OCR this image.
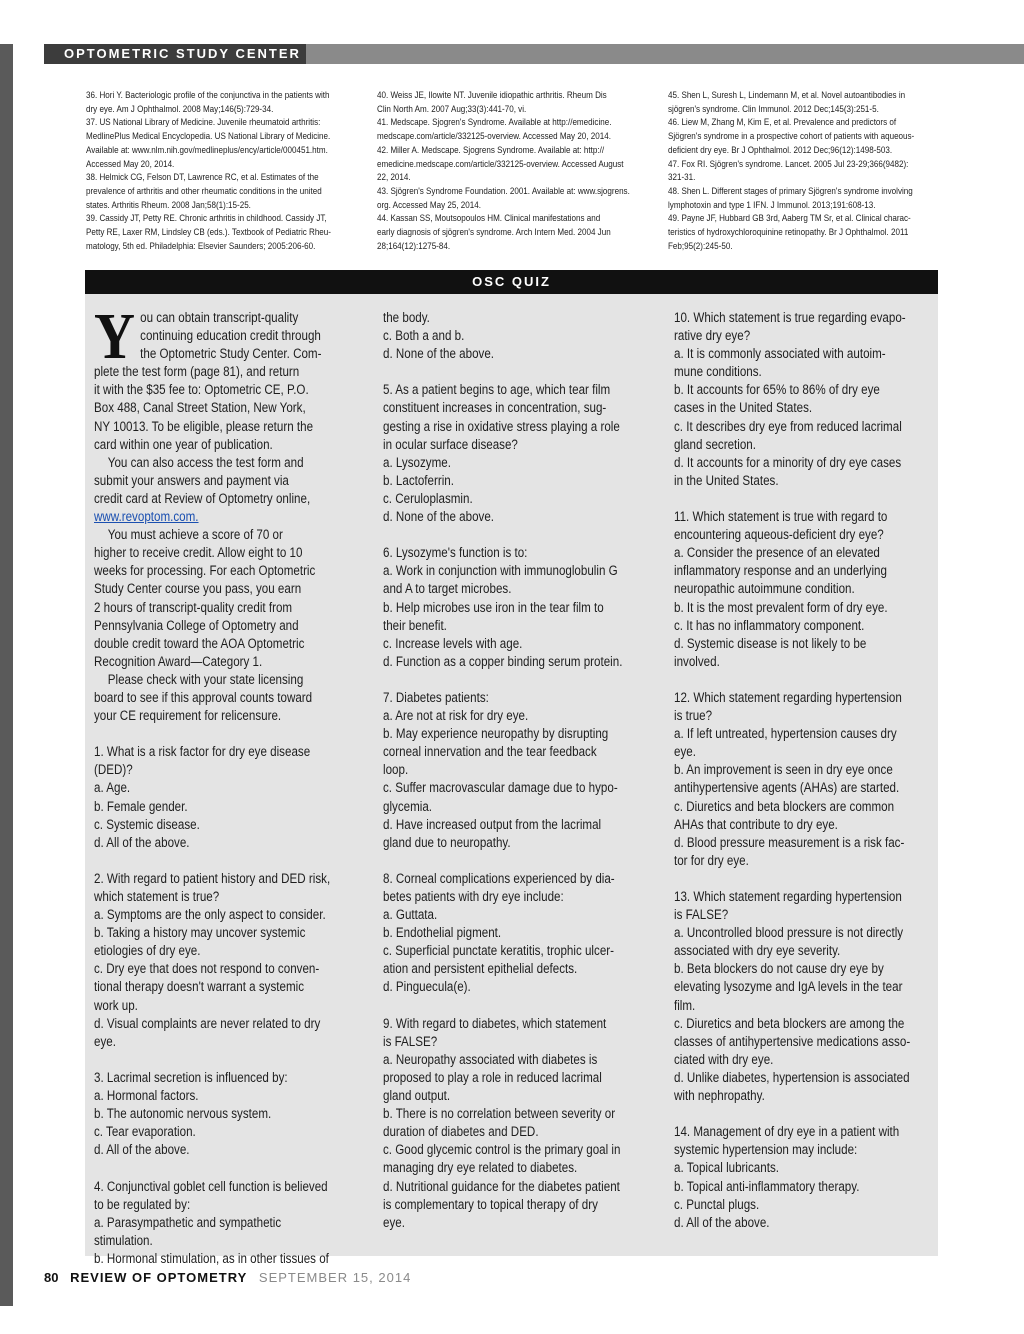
OPTOMETRIC STUDY CENTER
36. Hori Y. Bacteriologic profile of the conjunctiva in the patients with
dry eye. Am J Ophthalmol. 2008 May;146(5):729-34.
37. US National Library of Medicine. Juvenile rheumatoid arthritis:
MedlinePlus Medical Encyclopedia. US National Library of Medicine.
Available at: www.nlm.nih.gov/medlineplus/ency/article/000451.htm.
Accessed May 20, 2014.
38. Helmick CG, Felson DT, Lawrence RC, et al. Estimates of the
prevalence of arthritis and other rheumatic conditions in the united
states. Arthritis Rheum. 2008 Jan;58(1):15-25.
39. Cassidy JT, Petty RE. Chronic arthritis in childhood. Cassidy JT,
Petty RE, Laxer RM, Lindsley CB (eds.). Textbook of Pediatric Rheu-
matology, 5th ed. Philadelphia: Elsevier Saunders; 2005:206-60.
40. Weiss JE, Ilowite NT. Juvenile idiopathic arthritis. Rheum Dis
Clin North Am. 2007 Aug;33(3):441-70, vi.
41. Medscape. Sjogren's Syndrome. Available at http://emedicine.
medscape.com/article/332125-overview. Accessed May 20, 2014.
42. Miller A. Medscape. Sjogrens Syndrome. Available at: http://
emedicine.medscape.com/article/332125-overview. Accessed August
22, 2014.
43. Sjögren's Syndrome Foundation. 2001. Available at: www.sjogrens.
org. Accessed May 25, 2014.
44. Kassan SS, Moutsopoulos HM. Clinical manifestations and
early diagnosis of sjögren's syndrome. Arch Intern Med. 2004 Jun
28;164(12):1275-84.
45. Shen L, Suresh L, Lindemann M, et al. Novel autoantibodies in
sjögren's syndrome. Clin Immunol. 2012 Dec;145(3):251-5.
46. Liew M, Zhang M, Kim E, et al. Prevalence and predictors of
Sjögren's syndrome in a prospective cohort of patients with aqueous-
deficient dry eye. Br J Ophthalmol. 2012 Dec;96(12):1498-503.
47. Fox RI. Sjögren's syndrome. Lancet. 2005 Jul 23-29;366(9482):
321-31.
48. Shen L. Different stages of primary Sjögren's syndrome involving
lymphotoxin and type 1 IFN. J Immunol. 2013;191:608-13.
49. Payne JF, Hubbard GB 3rd, Aaberg TM Sr, et al. Clinical charac-
teristics of hydroxychloroquinine retinopathy. Br J Ophthalmol. 2011
Feb;95(2):245-50.
OSC QUIZ
Y ou can obtain transcript-quality
continuing education credit through
the Optometric Study Center. Com-
plete the test form (page 81), and return
it with the $35 fee to: Optometric CE, P.O.
Box 488, Canal Street Station, New York,
NY 10013. To be eligible, please return the
card within one year of publication.
You can also access the test form and
submit your answers and payment via
credit card at Review of Optometry online,
www.revoptom.com.
You must achieve a score of 70 or
higher to receive credit. Allow eight to 10
weeks for processing. For each Optometric
Study Center course you pass, you earn
2 hours of transcript-quality credit from
Pennsylvania College of Optometry and
double credit toward the AOA Optometric
Recognition Award—Category 1.
Please check with your state licensing
board to see if this approval counts toward
your CE requirement for relicensure.
1. What is a risk factor for dry eye disease
(DED)?
a. Age.
b. Female gender.
c. Systemic disease.
d. All of the above.
2. With regard to patient history and DED risk,
which statement is true?
a. Symptoms are the only aspect to consider.
b. Taking a history may uncover systemic
etiologies of dry eye.
c. Dry eye that does not respond to conven-
tional therapy doesn't warrant a systemic
work up.
d. Visual complaints are never related to dry
eye.
3. Lacrimal secretion is influenced by:
a. Hormonal factors.
b. The autonomic nervous system.
c. Tear evaporation.
d. All of the above.
4. Conjunctival goblet cell function is believed
to be regulated by:
a. Parasympathetic and sympathetic
stimulation.
b. Hormonal stimulation, as in other tissues of
the body.
c. Both a and b.
d. None of the above.
5. As a patient begins to age, which tear film
constituent increases in concentration, sug-
gesting a rise in oxidative stress playing a role
in ocular surface disease?
a. Lysozyme.
b. Lactoferrin.
c. Ceruloplasmin.
d. None of the above.
6. Lysozyme's function is to:
a. Work in conjunction with immunoglobulin G
and A to target microbes.
b. Help microbes use iron in the tear film to
their benefit.
c. Increase levels with age.
d. Function as a copper binding serum protein.
7. Diabetes patients:
a. Are not at risk for dry eye.
b. May experience neuropathy by disrupting
corneal innervation and the tear feedback
loop.
c. Suffer macrovascular damage due to hypo-
glycemia.
d. Have increased output from the lacrimal
gland due to neuropathy.
8. Corneal complications experienced by dia-
betes patients with dry eye include:
a. Guttata.
b. Endothelial pigment.
c. Superficial punctate keratitis, trophic ulcer-
ation and persistent epithelial defects.
d. Pinguecula(e).
9. With regard to diabetes, which statement
is FALSE?
a. Neuropathy associated with diabetes is
proposed to play a role in reduced lacrimal
gland output.
b. There is no correlation between severity or
duration of diabetes and DED.
c. Good glycemic control is the primary goal in
managing dry eye related to diabetes.
d. Nutritional guidance for the diabetes patient
is complementary to topical therapy of dry
eye.
10. Which statement is true regarding evapo-
rative dry eye?
a. It is commonly associated with autoim-
mune conditions.
b. It accounts for 65% to 86% of dry eye
cases in the United States.
c. It describes dry eye from reduced lacrimal
gland secretion.
d. It accounts for a minority of dry eye cases
in the United States.
11. Which statement is true with regard to
encountering aqueous-deficient dry eye?
a. Consider the presence of an elevated
inflammatory response and an underlying
neuropathic autoimmune condition.
b. It is the most prevalent form of dry eye.
c. It has no inflammatory component.
d. Systemic disease is not likely to be
involved.
12. Which statement regarding hypertension
is true?
a. If left untreated, hypertension causes dry
eye.
b. An improvement is seen in dry eye once
antihypertensive agents (AHAs) are started.
c. Diuretics and beta blockers are common
AHAs that contribute to dry eye.
d. Blood pressure measurement is a risk fac-
tor for dry eye.
13. Which statement regarding hypertension
is FALSE?
a. Uncontrolled blood pressure is not directly
associated with dry eye severity.
b. Beta blockers do not cause dry eye by
elevating lysozyme and IgA levels in the tear
film.
c. Diuretics and beta blockers are among the
classes of antihypertensive medications asso-
ciated with dry eye.
d. Unlike diabetes, hypertension is associated
with nephropathy.
14. Management of dry eye in a patient with
systemic hypertension may include:
a. Topical lubricants.
b. Topical anti-inflammatory therapy.
c. Punctal plugs.
d. All of the above.
80 REVIEW OF OPTOMETRY SEPTEMBER 15, 2014
